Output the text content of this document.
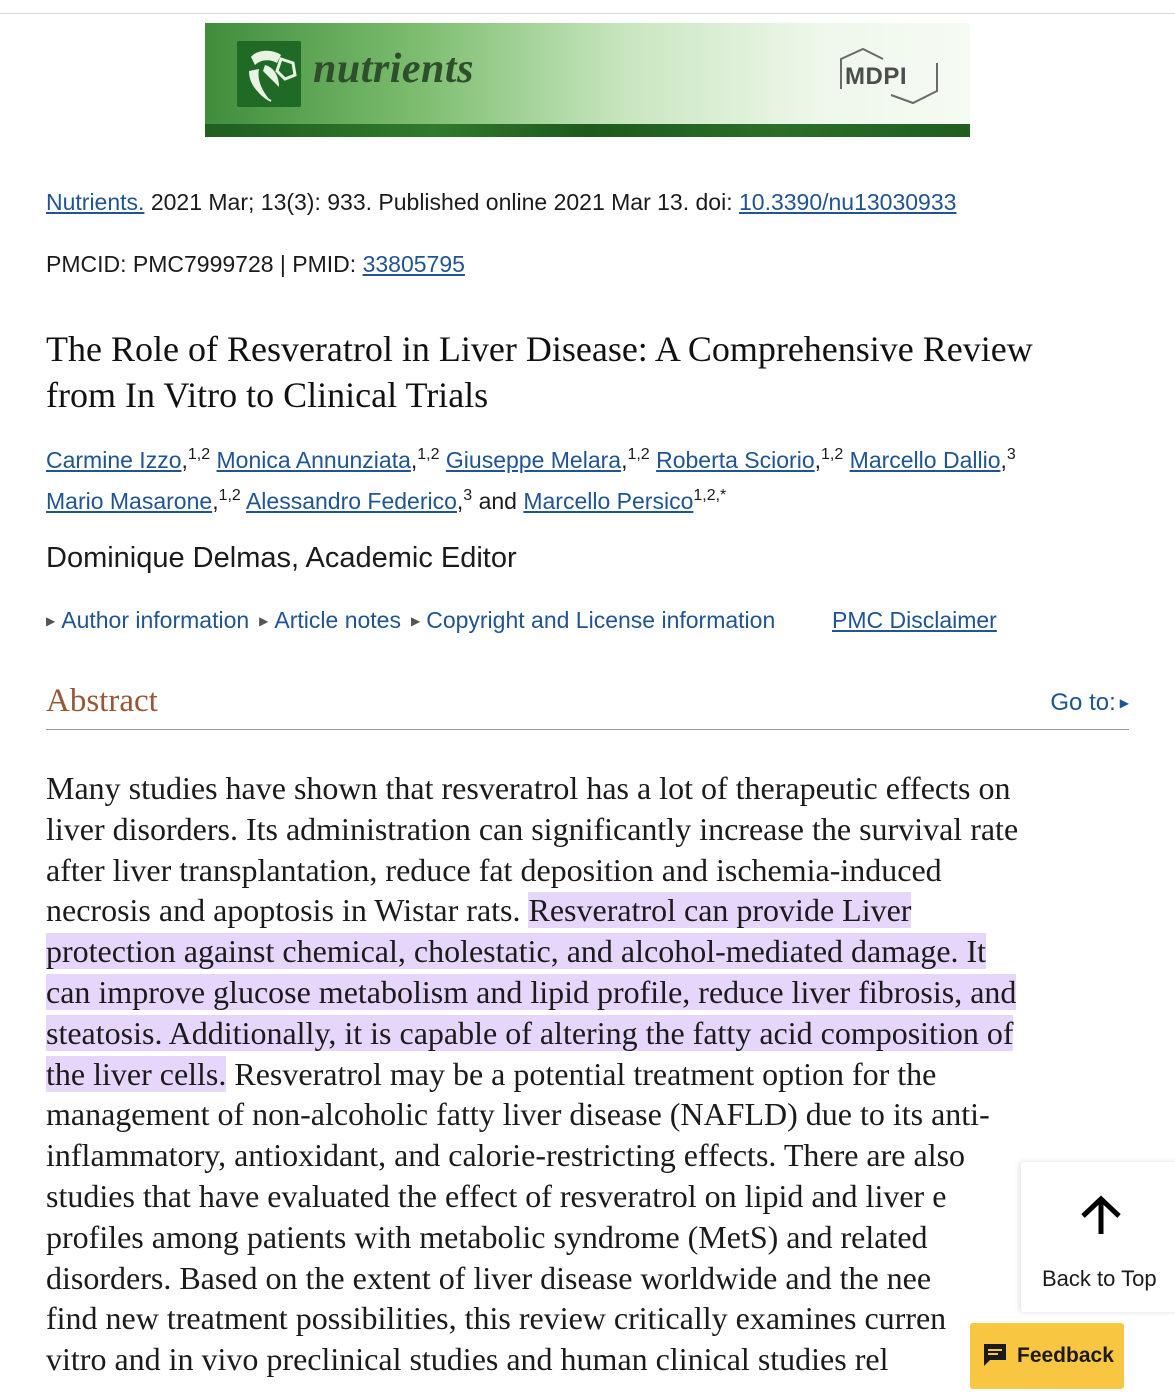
nutrients	MDPI
Nutrients. 2021 Mar; 13(3): 933. Published online 2021 Mar 13. doi: 10.3390/nu13030933
PMCID: PMC7999728 | PMID: 33805795
The Role of Resveratrol in Liver Disease: A Comprehensive Review
from In Vitro to Clinical Trials
Carmine Izzo,$^{1,2}$ Monica Annunziata,$^{1,2}$ Giuseppe Melara,$^{1,2}$ Roberta Sciorio,$^{1,2}$ Marcello Dallio,$^3$
Mario Masarone,$^{1,2}$ Alessandro Federico,$^3$ and Marcello Persico$^{1,2,*}$
Dominique Delmas, Academic Editor
▶ Author information ▶ Article notes ▶ Copyright and License information PMC Disclaimer
Abstract	Go to: ▶
Many studies have shown that resveratrol has a lot of therapeutic effects on
liver disorders. Its administration can significantly increase the survival rate
after liver transplantation, reduce fat deposition and ischemia-induced
necrosis and apoptosis in Wistar rats. Resveratrol can provide Liver
protection against chemical, cholestatic, and alcohol-mediated damage. It
can improve glucose metabolism and lipid profile, reduce liver fibrosis, and
steatosis. Additionally, it is capable of altering the fatty acid composition of
the liver cells. Resveratrol may be a potential treatment option for the
management of non-alcoholic fatty liver disease (NAFLD) due to its anti-
inflammatory, antioxidant, and calorie-restricting effects. There are also
studies that have evaluated the effect of resveratrol on lipid and liver e
profiles among patients with metabolic syndrome (MetS) and related
disorders. Based on the extent of liver disease worldwide and the nee
find new treatment possibilities, this review critically examines curren
vitro and in vivo preclinical studies and human clinical studies rel
Back to Top
Feedback
